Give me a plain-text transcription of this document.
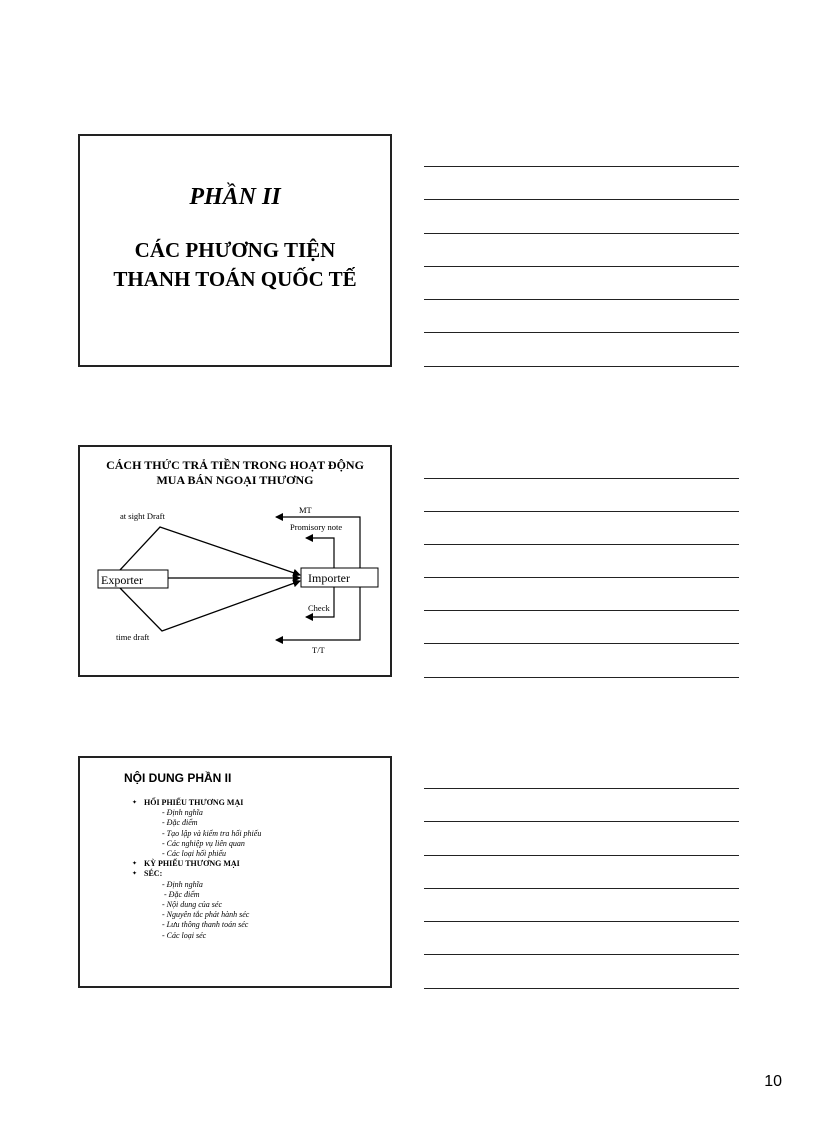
PHẦN II
CÁC PHƯƠNG TIỆN
THANH TOÁN QUỐC TẾ
CÁCH THỨC TRẢ TIỀN TRONG HOẠT ĐỘNG
MUA BÁN NGOẠI THƯƠNG
Exporter	Importer
at sight Draft
time draft
MT
Promisory note
Check
T/T
NỘI DUNG PHẦN II
✦ HỐI PHIẾU THƯƠNG MẠI
- Định nghĩa
- Đặc điểm
- Tạo lập và kiểm tra hối phiếu
- Các nghiệp vụ liên quan
- Các loại hối phiếu
✦ KỲ PHIẾU THƯƠNG MẠI
✦ SÉC:
- Định nghĩa
- Đặc điểm
- Nội dung của séc
- Nguyên tắc phát hành séc
- Lưu thông thanh toán séc
- Các loại séc
10
